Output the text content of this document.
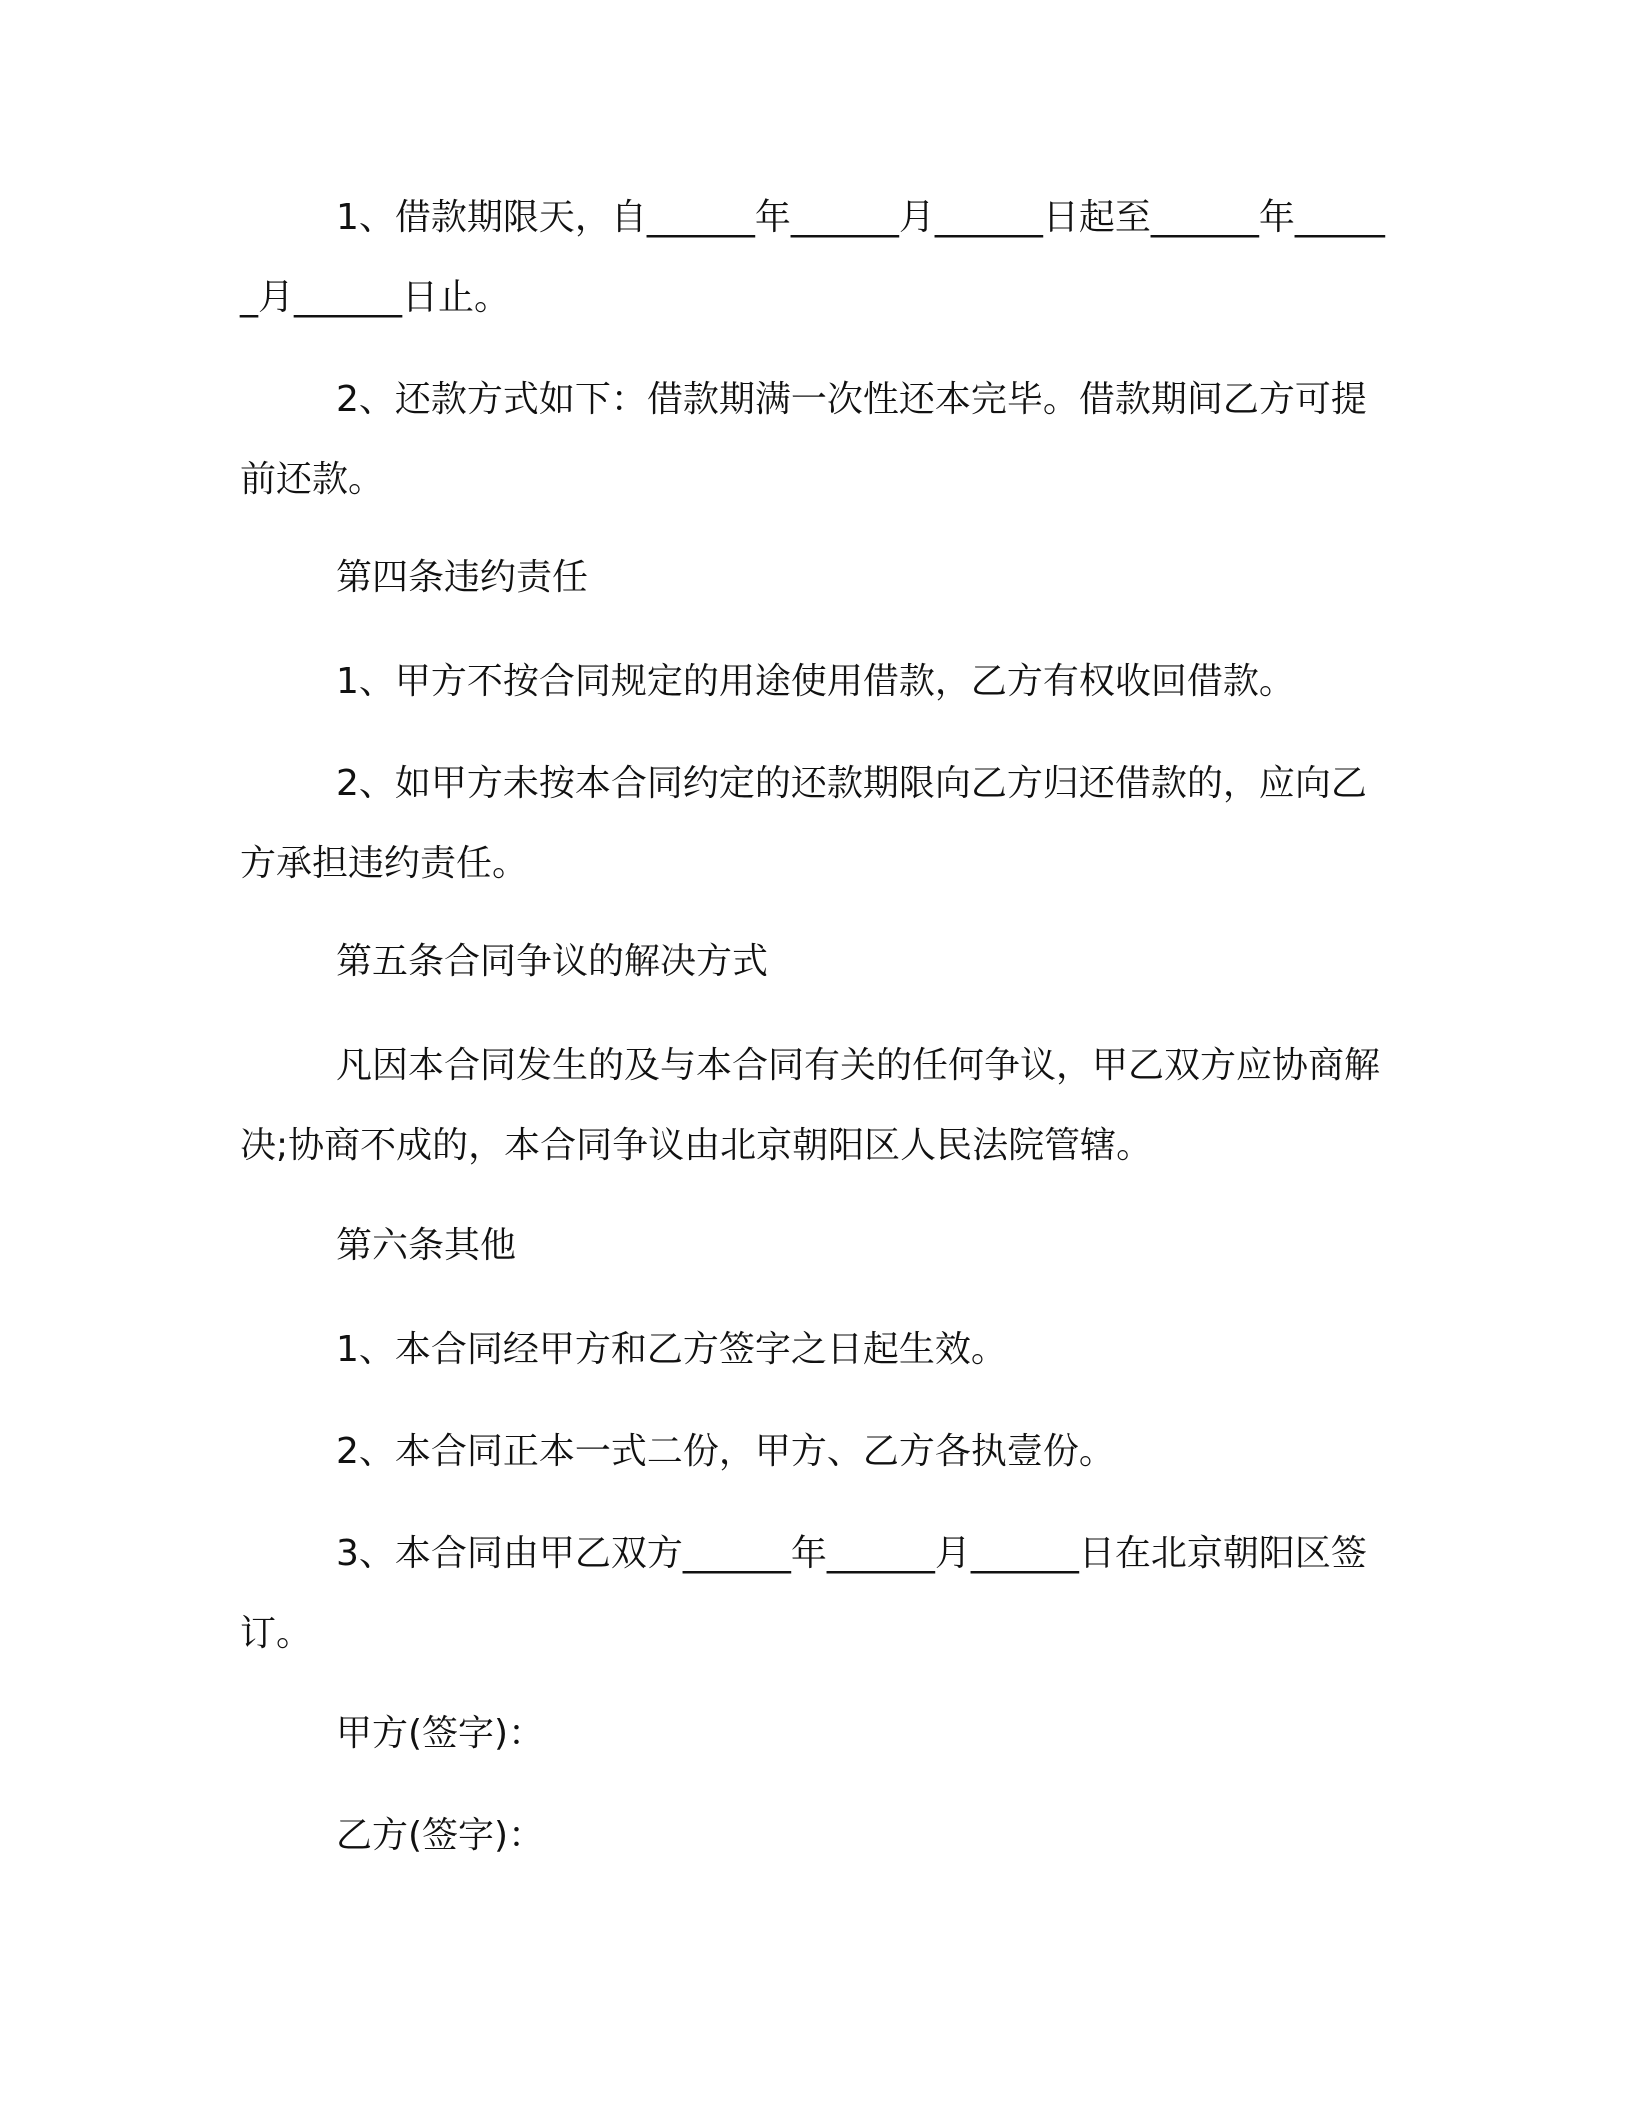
1、借款期限天，自______年______月______日起至______年______月______日止。

2、还款方式如下：借款期满一次性还本完毕。借款期间乙方可提前还款。

第四条违约责任

1、甲方不按合同规定的用途使用借款，乙方有权收回借款。

2、如甲方未按本合同约定的还款期限向乙方归还借款的，应向乙方承担违约责任。

第五条合同争议的解决方式

凡因本合同发生的及与本合同有关的任何争议，甲乙双方应协商解决;协商不成的，本合同争议由北京朝阳区人民法院管辖。

第六条其他

1、本合同经甲方和乙方签字之日起生效。

2、本合同正本一式二份，甲方、乙方各执壹份。

3、本合同由甲乙双方______年______月______日在北京朝阳区签订。

甲方(签字)：

乙方(签字)：
